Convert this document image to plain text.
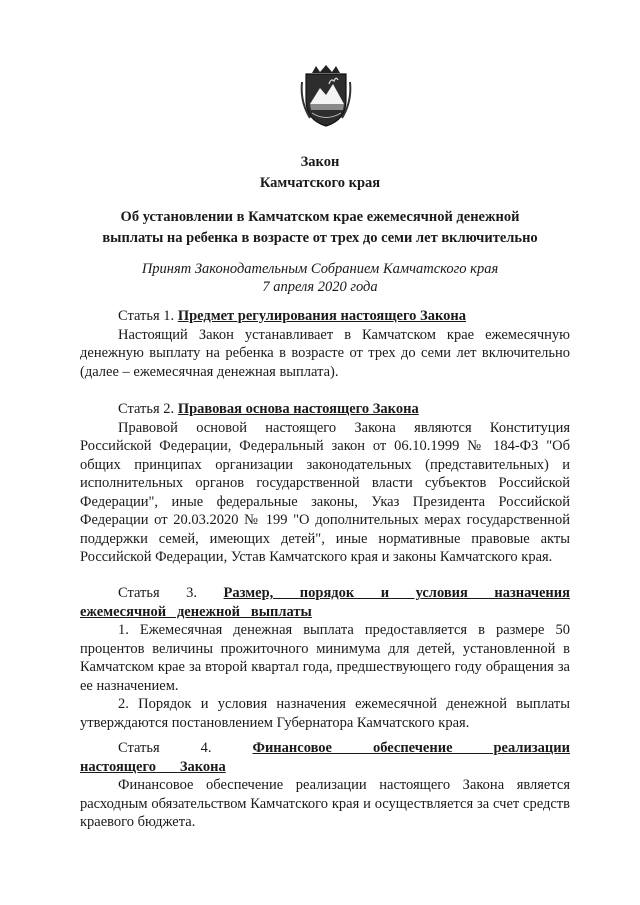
Закон
Камчатского края
Об установлении в Камчатском крае ежемесячной денежной
выплаты на ребенка в возрасте от трех до семи лет включительно
Принят Законодательным Собранием Камчатского края
7 апреля 2020 года
Статья 1. Предмет регулирования настоящего Закона

Настоящий Закон устанавливает в Камчатском крае ежемесячную денежную выплату на ребенка в возрасте от трех до семи лет включительно (далее – ежемесячная денежная выплата).

Статья 2. Правовая основа настоящего Закона

Правовой основой настоящего Закона являются Конституция Российской Федерации, Федеральный закон от 06.10.1999 № 184-ФЗ "Об общих принципах организации законодательных (представительных) и исполнительных органов государственной власти субъектов Российской Федерации", иные федеральные законы, Указ Президента Российской Федерации от 20.03.2020 № 199 "О дополнительных мерах государственной поддержки семей, имеющих детей", иные нормативные правовые акты Российской Федерации, Устав Камчатского края и законы Камчатского края.

Статья 3. Размер, порядок и условия назначения ежемесячной денежной выплаты

1. Ежемесячная денежная выплата предоставляется в размере 50 процентов величины прожиточного минимума для детей, установленной в Камчатском крае за второй квартал года, предшествующего году обращения за ее назначением.

2. Порядок и условия назначения ежемесячной денежной выплаты утверждаются постановлением Губернатора Камчатского края.

Статья 4.	Финансовое обеспечение реализации настоящего Закона

Финансовое обеспечение реализации настоящего Закона является расходным обязательством Камчатского края и осуществляется за счет средств краевого бюджета.
